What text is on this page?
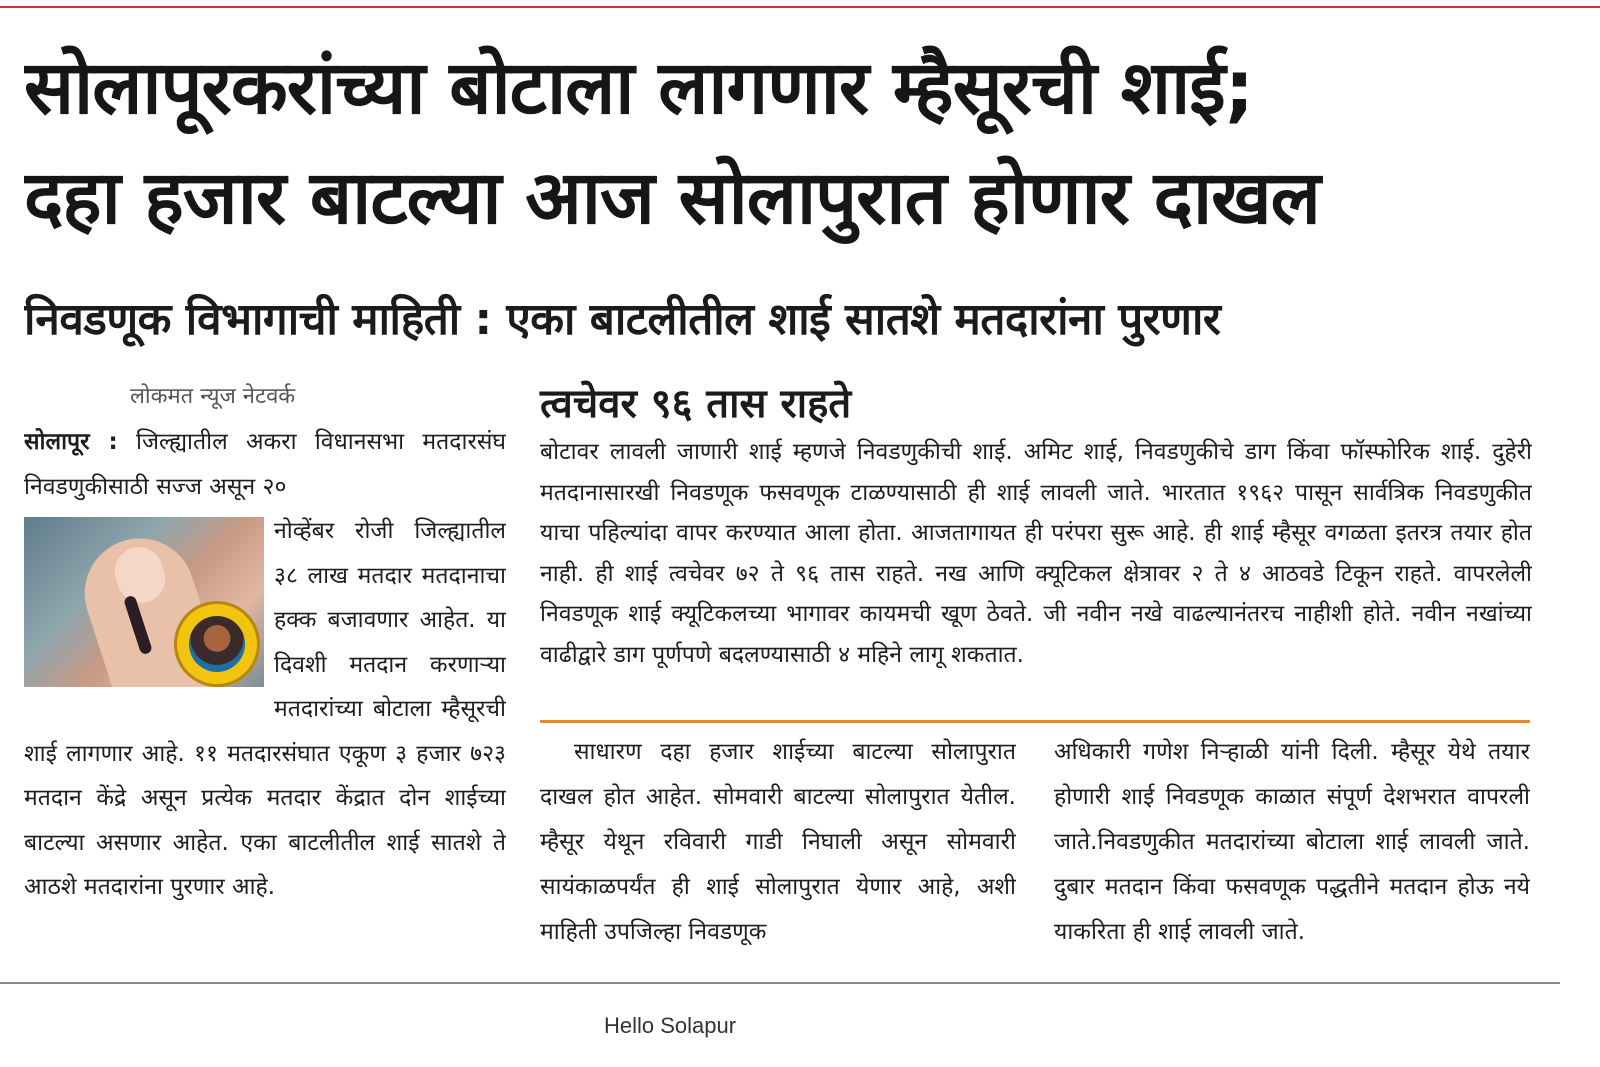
सोलापूरकरांच्या बोटाला लागणार म्हैसूरची शाई;
दहा हजार बाटल्या आज सोलापुरात होणार दाखल
निवडणूक विभागाची माहिती : एका बाटलीतील शाई सातशे मतदारांना पुरणार
लोकमत न्यूज नेटवर्क

सोलापूर : जिल्ह्यातील अकरा विधानसभा मतदारसंघ निवडणुकीसाठी सज्ज असून २०

नोव्हेंबर रोजी जिल्ह्यातील ३८ लाख मतदार मतदानाचा हक्क बजावणार आहेत. या दिवशी मतदान करणाऱ्या मतदारांच्या बोटाला म्हैसूरची शाई लागणार आहे. ११ मतदारसंघात एकूण ३ हजार ७२३ मतदान केंद्रे असून प्रत्येक मतदार केंद्रात दोन शाईच्या बाटल्या असणार आहेत. एका बाटलीतील शाई सातशे ते आठशे मतदारांना पुरणार आहे.

त्वचेवर ९६ तास राहते

बोटावर लावली जाणारी शाई म्हणजे निवडणुकीची शाई. अमिट शाई, निवडणुकीचे डाग किंवा फॉस्फोरिक शाई. दुहेरी मतदानासारखी निवडणूक फसवणूक टाळण्यासाठी ही शाई लावली जाते. भारतात १९६२ पासून सार्वत्रिक निवडणुकीत याचा पहिल्यांदा वापर करण्यात आला होता. आजतागायत ही परंपरा सुरू आहे. ही शाई म्हैसूर वगळता इतरत्र तयार होत नाही. ही शाई त्वचेवर ७२ ते ९६ तास राहते. नख आणि क्यूटिकल क्षेत्रावर २ ते ४ आठवडे टिकून राहते. वापरलेली निवडणूक शाई क्यूटिकलच्या भागावर कायमची खूण ठेवते. जी नवीन नखे वाढल्यानंतरच नाहीशी होते. नवीन नखांच्या वाढीद्वारे डाग पूर्णपणे बदलण्यासाठी ४ महिने लागू शकतात.

साधारण दहा हजार शाईच्या बाटल्या सोलापुरात दाखल होत आहेत. सोमवारी बाटल्या सोलापुरात येतील. म्हैसूर येथून रविवारी गाडी निघाली असून सोमवारी सायंकाळपर्यंत ही शाई सोलापुरात येणार आहे, अशी माहिती उपजिल्हा निवडणूक

अधिकारी गणेश निऱ्हाळी यांनी दिली. म्हैसूर येथे तयार होणारी शाई निवडणूक काळात संपूर्ण देशभरात वापरली जाते.निवडणुकीत मतदारांच्या बोटाला शाई लावली जाते. दुबार मतदान किंवा फसवणूक पद्धतीने मतदान होऊ नये याकरिता ही शाई लावली जाते.

Hello Solapur
